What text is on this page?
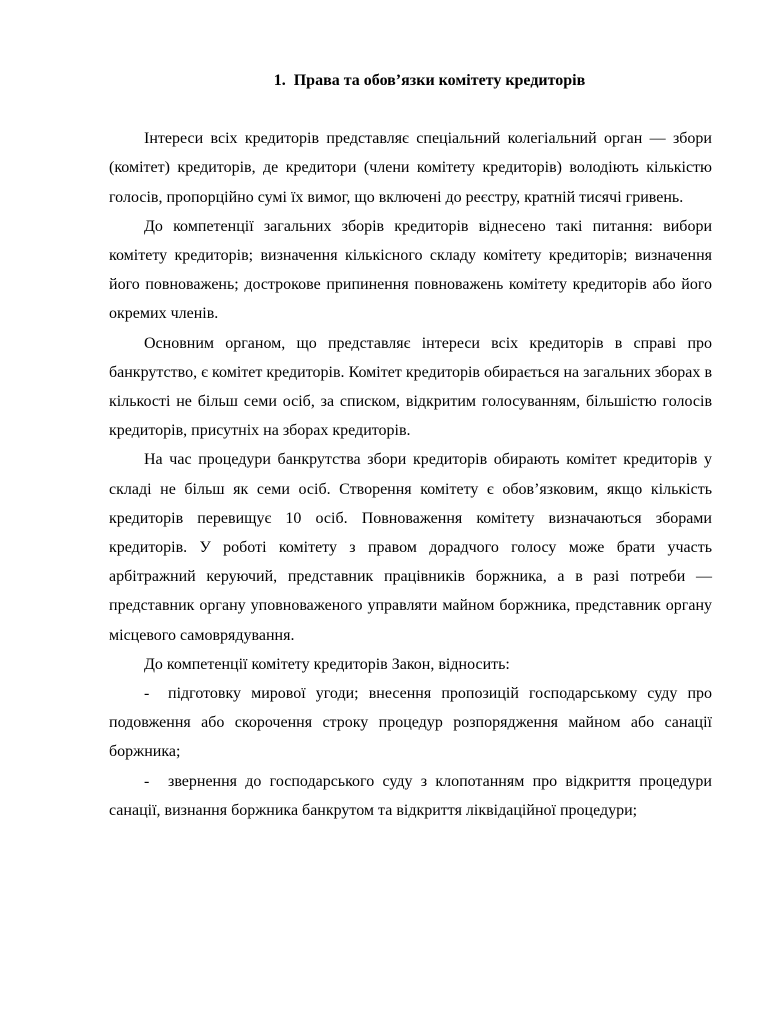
1. Права та обов’язки комітету кредиторів

Інтереси всіх кредиторів представляє спеціальний колегіальний орган — збори (комітет) кредиторів, де кредитори (члени комітету кредиторів) володіють кількістю голосів, пропорційно сумі їх вимог, що включені до реєстру, кратній тисячі гривень.

До компетенції загальних зборів кредиторів віднесено такі питання: вибори комітету кредиторів; визначення кількісного складу комітету кредиторів; визначення його повноважень; дострокове припинення повноважень комітету кредиторів або його окремих членів.

Основним органом, що представляє інтереси всіх кредиторів в справі про банкрутство, є комітет кредиторів. Комітет кредиторів обирається на загальних зборах в кількості не більш семи осіб, за списком, відкритим голосуванням, більшістю голосів кредиторів, присутніх на зборах кредиторів.

На час процедури банкрутства збори кредиторів обирають комітет кредиторів у складі не більш як семи осіб. Створення комітету є обов’язковим, якщо кількість кредиторів перевищує 10 осіб. Повноваження комітету визначаються зборами кредиторів. У роботі комітету з правом дорадчого голосу може брати участь арбітражний керуючий, представник працівників боржника, а в разі потреби — представник органу уповноваженого управляти майном боржника, представник органу місцевого самоврядування.

До компетенції комітету кредиторів Закон, відносить:

- підготовку мирової угоди; внесення пропозицій господарському суду про подовження або скорочення строку процедур розпорядження майном або санації боржника;

- звернення до господарського суду з клопотанням про відкриття процедури санації, визнання боржника банкрутом та відкриття ліквідаційної процедури;
